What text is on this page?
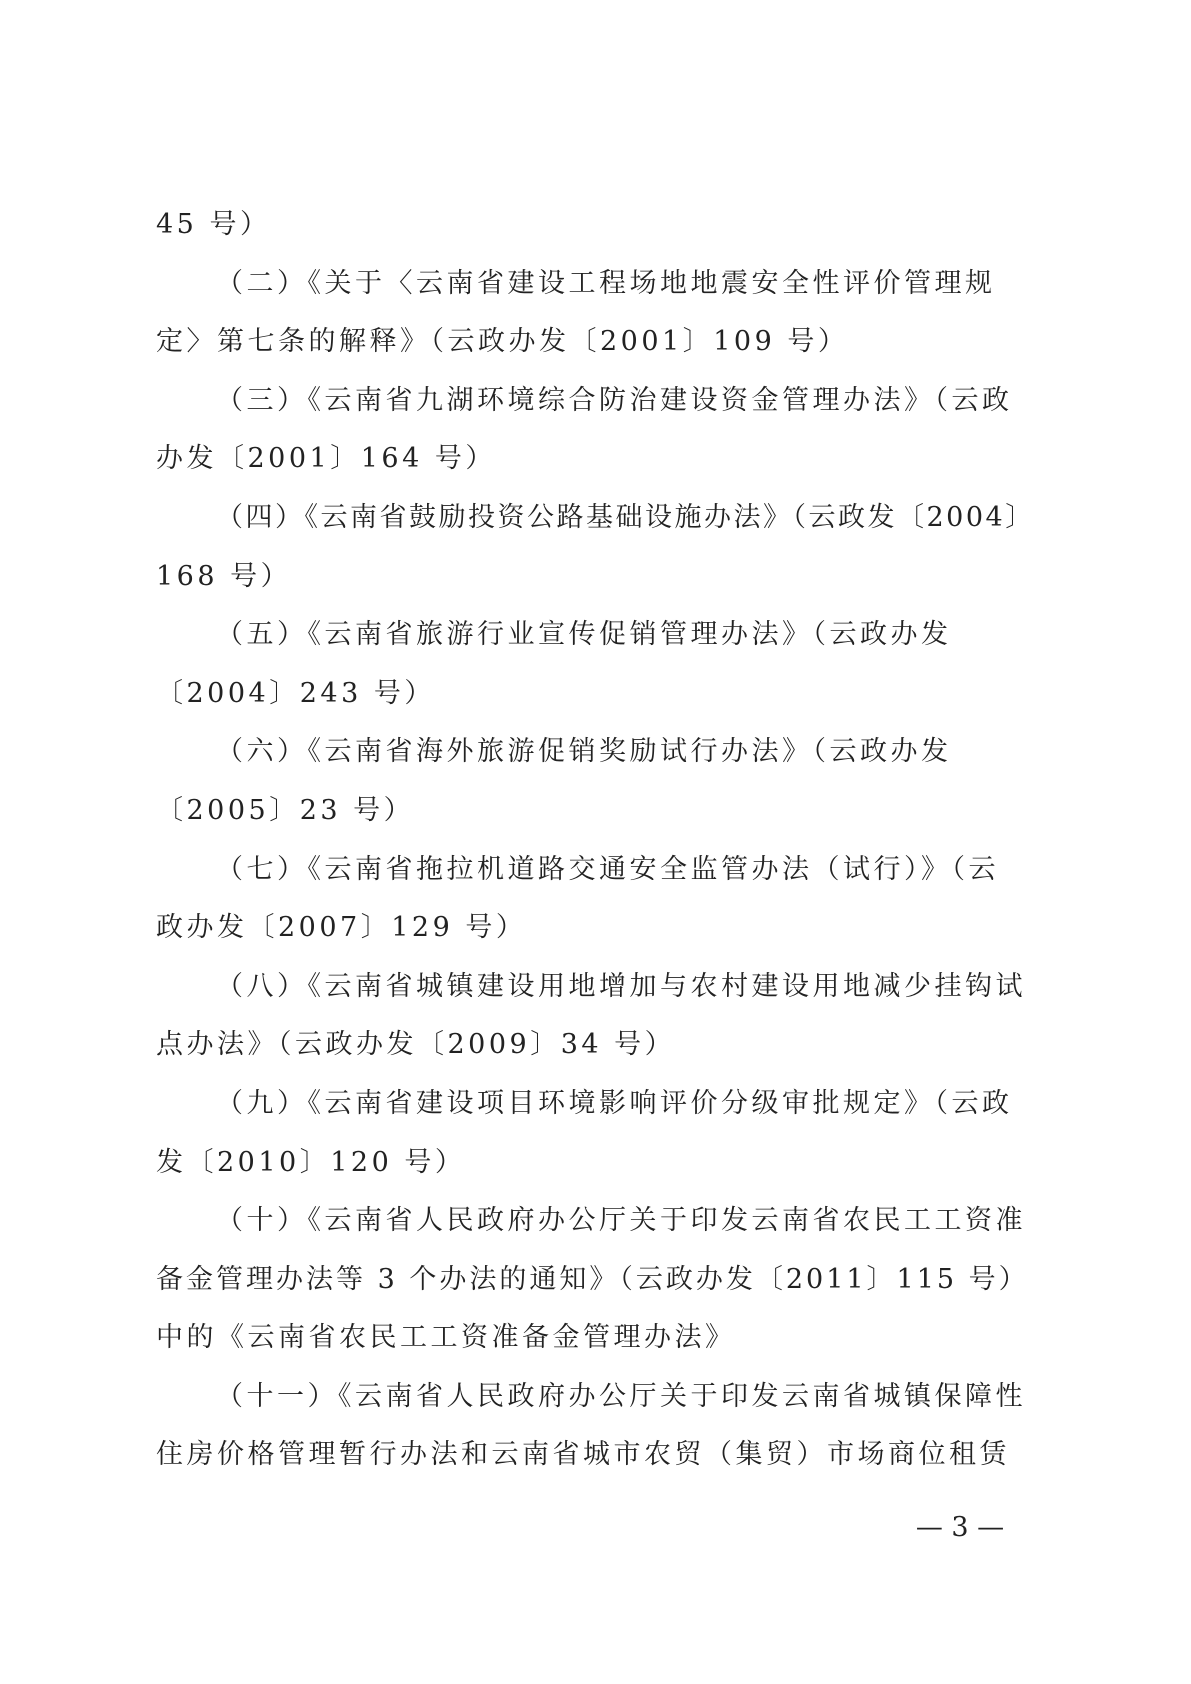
45 号）
（二）《关于〈云南省建设工程场地地震安全性评价管理规
定〉第七条的解释》（云政办发〔2001〕109 号）
（三）《云南省九湖环境综合防治建设资金管理办法》（云政
办发〔2001〕164 号）
（四）《云南省鼓励投资公路基础设施办法》（云政发〔2004〕
168 号）
（五）《云南省旅游行业宣传促销管理办法》（云政办发
〔2004〕243 号）
（六）《云南省海外旅游促销奖励试行办法》（云政办发
〔2005〕23 号）
（七）《云南省拖拉机道路交通安全监管办法（试行）》（云
政办发〔2007〕129 号）
（八）《云南省城镇建设用地增加与农村建设用地减少挂钩试
点办法》（云政办发〔2009〕34 号）
（九）《云南省建设项目环境影响评价分级审批规定》（云政
发〔2010〕120 号）
（十）《云南省人民政府办公厅关于印发云南省农民工工资准
备金管理办法等 3 个办法的通知》（云政办发〔2011〕115 号）
中的《云南省农民工工资准备金管理办法》
（十一）《云南省人民政府办公厅关于印发云南省城镇保障性
住房价格管理暂行办法和云南省城市农贸（集贸）市场商位租赁
— 3 —
